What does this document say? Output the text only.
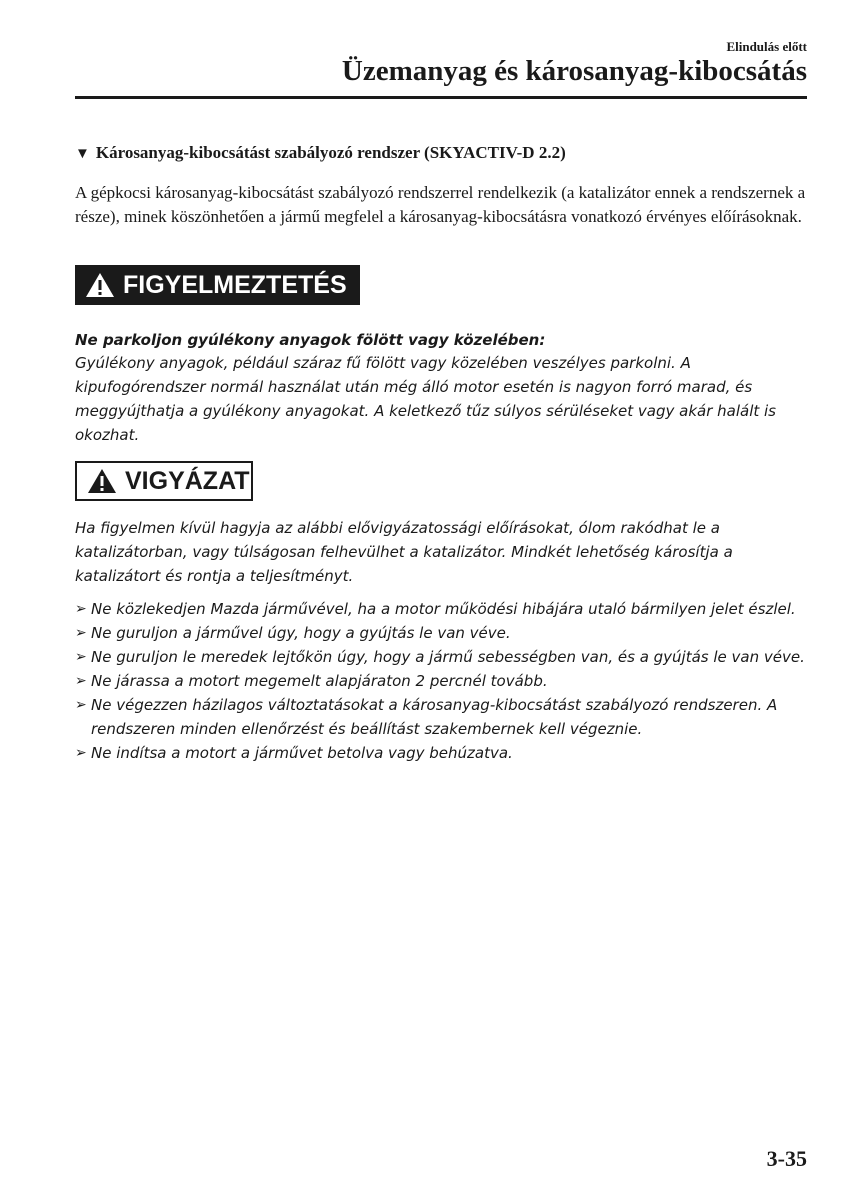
Elindulás előtt
Üzemanyag és károsanyag-kibocsátás
▼ Károsanyag-kibocsátást szabályozó rendszer (SKYACTIV-D 2.2)
A gépkocsi károsanyag-kibocsátást szabályozó rendszerrel rendelkezik (a katalizátor ennek a rendszernek a része), minek köszönhetően a jármű megfelel a károsanyag-kibocsátásra vonatkozó érvényes előírásoknak.
FIGYELMEZTETÉS
Ne parkoljon gyúlékony anyagok fölött vagy közelében:
Gyúlékony anyagok, például száraz fű fölött vagy közelében veszélyes parkolni. A kipufogórendszer normál használat után még álló motor esetén is nagyon forró marad, és meggyújthatja a gyúlékony anyagokat. A keletkező tűz súlyos sérüléseket vagy akár halált is okozhat.
VIGYÁZAT
Ha figyelmen kívül hagyja az alábbi elővigyázatossági előírásokat, ólom rakódhat le a katalizátorban, vagy túlságosan felhevülhet a katalizátor. Mindkét lehetőség károsítja a katalizátort és rontja a teljesítményt.
➢ Ne közlekedjen Mazda járművével, ha a motor működési hibájára utaló bármilyen jelet észlel.
➢ Ne guruljon a járművel úgy, hogy a gyújtás le van véve.
➢ Ne guruljon le meredek lejtőkön úgy, hogy a jármű sebességben van, és a gyújtás le van véve.
➢ Ne járassa a motort megemelt alapjáraton 2 percnél tovább.
➢ Ne végezzen házilagos változtatásokat a károsanyag-kibocsátást szabályozó rendszeren. A rendszeren minden ellenőrzést és beállítást szakembernek kell végeznie.
➢ Ne indítsa a motort a járművet betolva vagy behúzatva.
3-35
